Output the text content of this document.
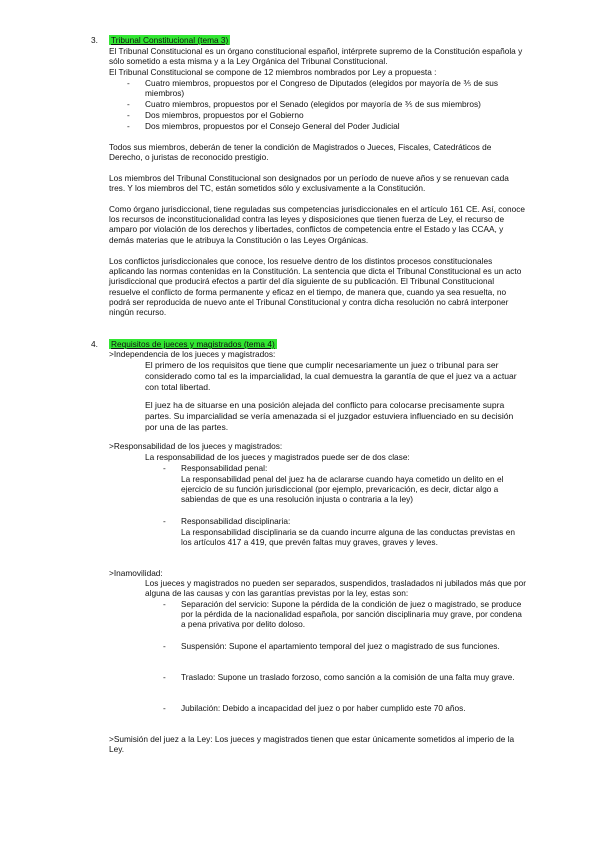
3. Tribunal Constitucional (tema 3)

El Tribunal Constitucional es un órgano constitucional español, intérprete supremo de la Constitución española y sólo sometido a esta misma y a la Ley Orgánica del Tribunal Constitucional.

El Tribunal Constitucional se compone de 12 miembros nombrados por Ley a propuesta :

- Cuatro miembros, propuestos por el Congreso de Diputados (elegidos por mayoría de ⅗ de sus miembros)
- Cuatro miembros, propuestos por el Senado (elegidos por mayoría de ⅗ de sus miembros)
- Dos miembros, propuestos por el Gobierno
- Dos miembros, propuestos por el Consejo General del Poder Judicial

Todos sus miembros, deberán de tener la condición de Magistrados o Jueces, Fiscales, Catedráticos de Derecho, o juristas de reconocido prestigio.

Los miembros del Tribunal Constitucional son designados por un período de nueve años y se renuevan cada tres. Y los miembros del TC, están sometidos sólo y exclusivamente a la Constitución.

Como órgano jurisdiccional, tiene reguladas sus competencias jurisdiccionales en el artículo 161 CE. Así, conoce los recursos de inconstitucionalidad contra las leyes y disposiciones que tienen fuerza de Ley, el recurso de amparo por violación de los derechos y libertades, conflictos de competencia entre el Estado y las CCAA, y demás materias que le atribuya la Constitución o las Leyes Orgánicas.

Los conflictos jurisdiccionales que conoce, los resuelve dentro de los distintos procesos constitucionales aplicando las normas contenidas en la Constitución. La sentencia que dicta el Tribunal Constitucional es un acto jurisdiccional que producirá efectos a partir del día siguiente de su publicación. El Tribunal Constitucional resuelve el conflicto de forma permanente y eficaz en el tiempo, de manera que, cuando ya sea resuelta, no podrá ser reproducida de nuevo ante el Tribunal Constitucional y contra dicha resolución no cabrá interponer ningún recurso.

4. Requisitos de jueces y magistrados (tema 4)

>Independencia de los jueces y magistrados:

El primero de los requisitos que tiene que cumplir necesariamente un juez o tribunal para ser considerado como tal es la imparcialidad, la cual demuestra la garantía de que el juez va a actuar con total libertad.

El juez ha de situarse en una posición alejada del conflicto para colocarse precisamente supra partes. Su imparcialidad se vería amenazada si el juzgador estuviera influenciado en su decisión por una de las partes.

>Responsabilidad de los jueces y magistrados:

La responsabilidad de los jueces y magistrados puede ser de dos clase:

- Responsabilidad penal:

La responsabilidad penal del juez ha de aclararse cuando haya cometido un delito en el ejercicio de su función jurisdiccional (por ejemplo, prevaricación, es decir, dictar algo a sabiendas de que es una resolución injusta o contraria a la ley)

- Responsabilidad disciplinaria:

La responsabilidad disciplinaria se da cuando incurre alguna de las conductas previstas en los artículos 417 a 419, que prevén faltas muy graves, graves y leves.

>Inamovilidad:

Los jueces y magistrados no pueden ser separados, suspendidos, trasladados ni jubilados más que por alguna de las causas y con las garantías previstas por la ley, estas son:

- Separación del servicio: Supone la pérdida de la condición de juez o magistrado, se produce por la pérdida de la nacionalidad española, por sanción disciplinaria muy grave, por condena a pena privativa por delito doloso.
- Suspensión: Supone el apartamiento temporal del juez o magistrado de sus funciones.
- Traslado: Supone un traslado forzoso, como sanción a la comisión de una falta muy grave.
- Jubilación: Debido a incapacidad del juez o por haber cumplido este 70 años.

>Sumisión del juez a la Ley: Los jueces y magistrados tienen que estar únicamente sometidos al imperio de la Ley.
